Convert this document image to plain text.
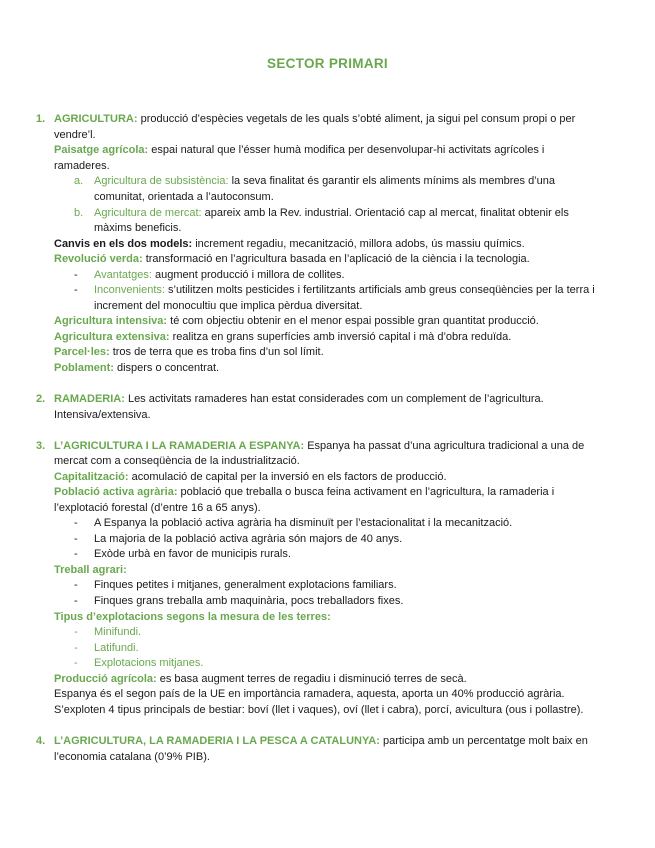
SECTOR PRIMARI
1. AGRICULTURA: producció d’espècies vegetals de les quals s’obté aliment, ja sigui pel consum propi o per
vendre’l.
Paisatge agrícola: espai natural que l’ésser humà modifica per desenvolupar-hi activitats agrícoles i
ramaderes.
a. Agricultura de subsistència: la seva finalitat és garantir els aliments mínims als membres d’una
comunitat, orientada a l’autoconsum.
b. Agricultura de mercat: apareix amb la Rev. industrial. Orientació cap al mercat, finalitat obtenir els
màxims beneficis.
Canvis en els dos models: increment regadiu, mecanització, millora adobs, ús massiu químics.
Revolució verda: transformació en l’agricultura basada en l’aplicació de la ciència i la tecnologia.
- Avantatges: augment producció i millora de collites.
- Inconvenients: s’utilitzen molts pesticides i fertilitzants artificials amb greus conseqüències per la terra i
increment del monocultiu que implica pèrdua diversitat.
Agricultura intensiva: té com objectiu obtenir en el menor espai possible gran quantitat producció.
Agricultura extensiva: realitza en grans superfícies amb inversió capital i mà d’obra reduïda.
Parcel·les: tros de terra que es troba fins d’un sol límit.
Poblament: dispers o concentrat.
2. RAMADERIA: Les activitats ramaderes han estat considerades com un complement de l’agricultura.
Intensiva/extensiva.
3. L’AGRICULTURA I LA RAMADERIA A ESPANYA: Espanya ha passat d’una agricultura tradicional a una de
mercat com a conseqüència de la industrialització.
Capitalització: acomulació de capital per la inversió en els factors de producció.
Població activa agrària: població que treballa o busca feina activament en l’agricultura, la ramaderia i
l’explotació forestal (d’entre 16 a 65 anys).
- A Espanya la població activa agrària ha disminuït per l’estacionalitat i la mecanització.
- La majoria de la població activa agrària són majors de 40 anys.
- Exòde urbà en favor de municipis rurals.
Treball agrari:
- Finques petites i mitjanes, generalment explotacions familiars.
- Finques grans treballa amb maquinària, pocs treballadors fixes.
Tipus d’explotacions segons la mesura de les terres:
- Minifundi.
- Latifundi.
- Explotacions mitjanes.
Producció agrícola: es basa augment terres de regadiu i disminució terres de secà.
Espanya és el segon país de la UE en importància ramadera, aquesta, aporta un 40% producció agrària.
S’exploten 4 tipus principals de bestiar: boví (llet i vaques), oví (llet i cabra), porcí, avicultura (ous i pollastre).
4. L’AGRICULTURA, LA RAMADERIA I LA PESCA A CATALUNYA: participa amb un percentatge molt baix en
l’economia catalana (0’9% PIB).
